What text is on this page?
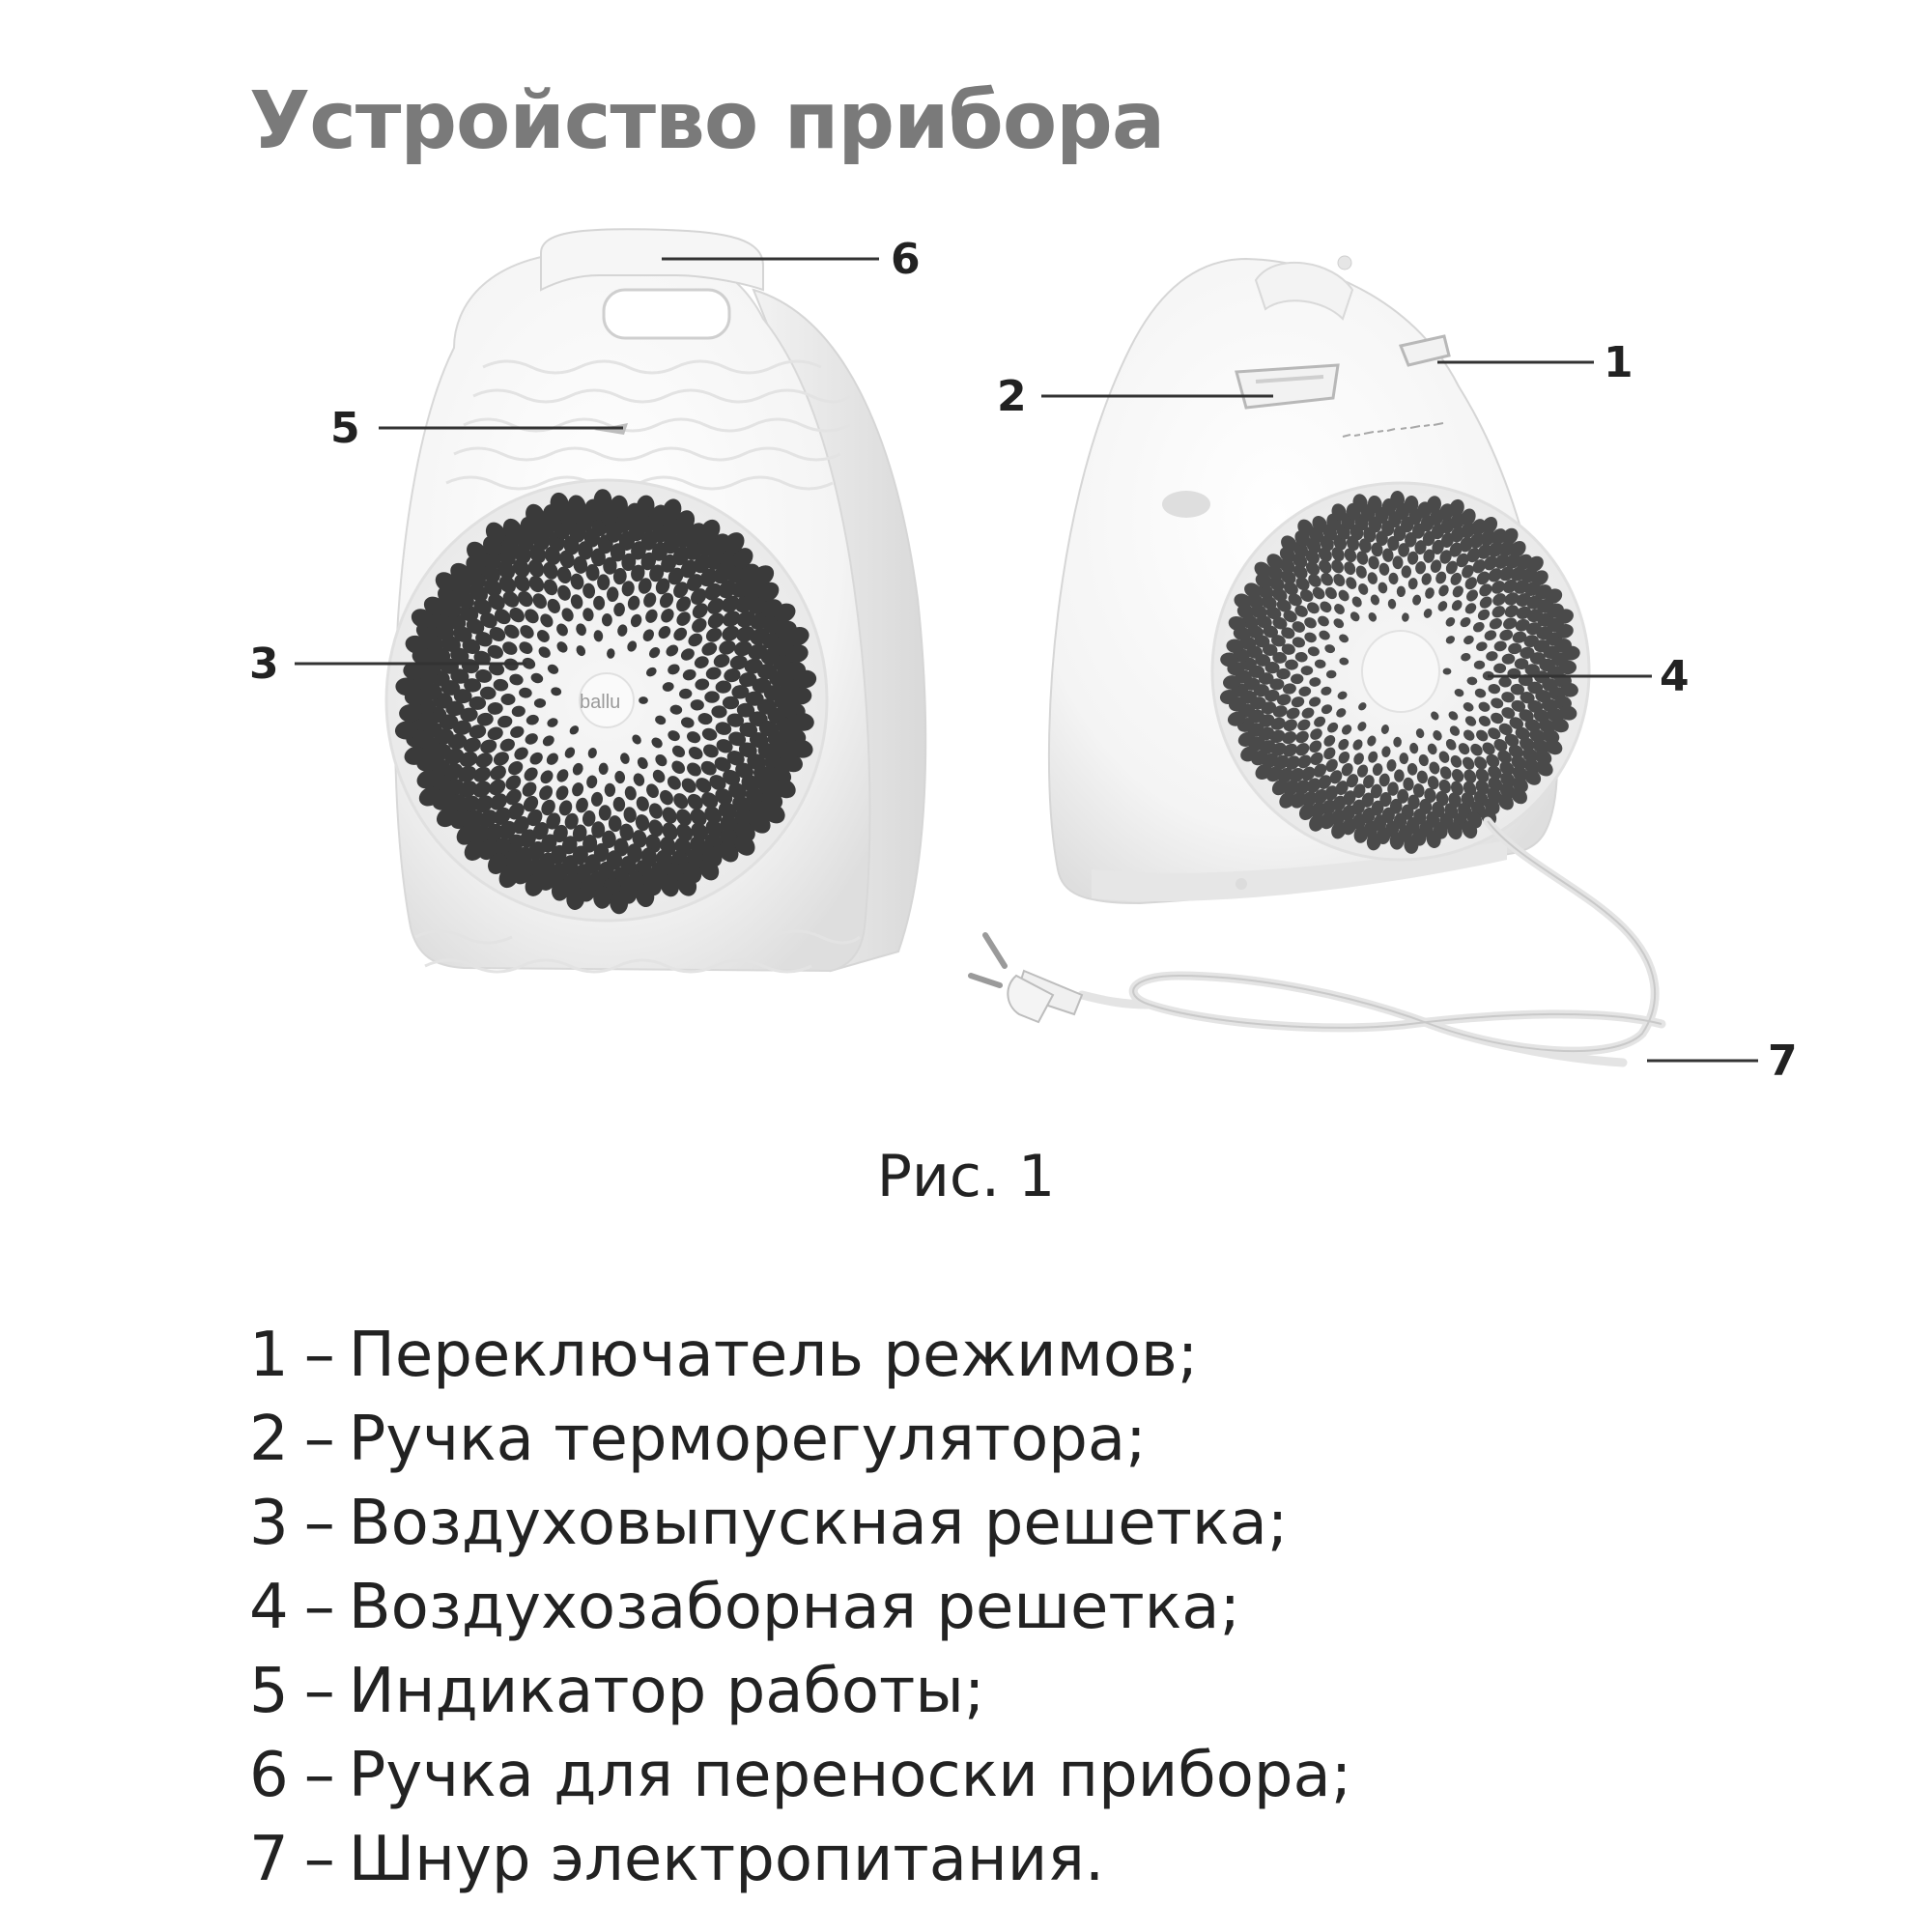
Устройство прибора
ballu
6
5
3
2
1
4
7
Рис. 1
1 – Переключатель режимов;
2 – Ручка терморегулятора;
3 – Воздуховыпускная решетка;
4 – Воздухозаборная решетка;
5 – Индикатор работы;
6 – Ручка для переноски прибора;
7 – Шнур электропитания.
